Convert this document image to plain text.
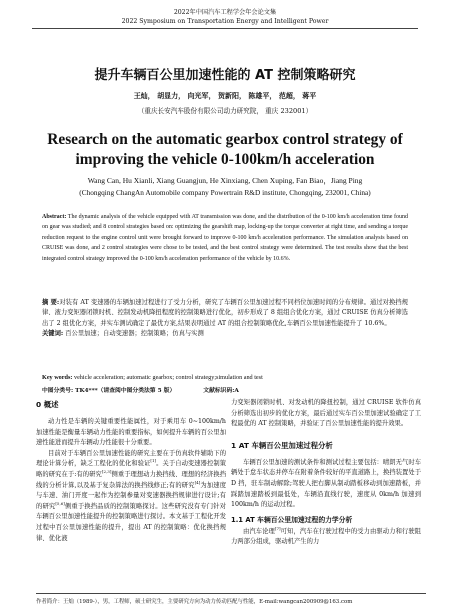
2022年中国汽车工程学会年会论文集
2022 Symposium on Transportation Energy and Intelligent Power
提升车辆百公里加速性能的 AT 控制策略研究
王灿， 胡显力， 向光军， 贺新阳， 陈雄平， 范超， 蒋平
（重庆长安汽车股份有限公司动力研究院， 重庆 232001）
Research on the automatic gearbox control strategy of improving the vehicle 0-100km/h acceleration
Wang Can, Hu Xianli, Xiang Guangjun, He Xinxiang, Chen Xuping, Fan Biao，Jiang Ping
(Chongqing ChangAn Automobile company Powertrain R&D institute, Chongqing, 232001, China)
Abstract: The dynamic analysis of the vehicle equipped with AT transmission was done, and the distribution of the 0-100 km/h acceleration time found on gear was studied; and 8 control strategies based on: optimizing the gearshift map, locking-up the torque converter at right time, and sending a torque reduction request to the engine control unit were brought forward to improve 0-100 km/h acceleration performance. The simulation analysis based on CRUISE was done, and 2 control strategies were chose to be tested, and the best control strategy were determined. The test results show that the best integrated control strategy improved the 0-100 km/h acceleration performance of the vehicle by 10.6%.
摘 要:对装有 AT 变速器的车辆加速过程进行了受力分析，研究了车辆百公里加速过程不同档位加速时间的分布规律。通过对换挡规律、液力变矩器闭锁时机、控制发动机降扭程度的控制策略进行优化，初步形成了 8 组组合优化方案，通过 CRUISE 仿真分析筛选出了 2 组优化方案，并实车测试确定了最优方案,结果表明通过 AT 的组合控制策略优化,车辆百公里加速性能提升了 10.6%。
关键词: 百公里加速；自动变速器；控制策略；仿真与实测
Key words: vehicle acceleration; automatic gearbox; control strategy;simulation and test
中图分类号: TK4***（请查阅中图分类法第 5 版）	文献标识码:A
0 概述

动力性是车辆的关键重要性能属性，对于乘用车 0~100km/h 加速性能是衡量车辆动力性能的重要指标，如何提升车辆的百公里加速性能进而提升车辆动力性能很十分重要。

目前对于车辆百公里加速性能的研究主要在于仿真软件辅助下的理论计算分析，缺乏工程化的优化和验证[1]。关于自动变速器控制策略的研究在于:有的研究[2,3]侧重于理想动力换挡线、理想的经济换挡线的分析计算,以及基于复杂算法的换挡线修正;有的研究[4]为加速度与车速、油门开度一起作为控制参量对变速器换挡规律进行设计;有的研究[5,6]侧重于换挡品质的控制策略探讨。这些研究没有专门针对车辆百公里加速性能提升的控制策略进行探讨。本文基于工程化开发过程中百公里加速性能的提升，提出 AT 的控制策略：优化换挡规律、优化液

力变矩器闭锁时机、对发动机的降扭控制，通过 CRUISE 软件仿真分析筛选出初步的优化方案，最后通过实车百公里加速试验确定了工程最优的 AT 控制策略，并验证了百公里加速性能的提升效果。

1 AT 车辆百公里加速过程分析

车辆百公里加速的测试条件和测试过程主要包括：晴朗无气时车辆处于怠车状态并停车在附着条件较好的平直道路上，换挡装置处于 D 挡，驻车制动解除;驾驶人把右脚从制动踏板移动到加速踏板，并踩踏加速踏板到最低处，车辆沿直线行驶，速度从 0km/h 加速到 100km/h 的运动过程。

1.1 AT 车辆百公里加速过程的力学分析

由汽车论理[7]可知，汽车在行驶过程中的受力由驱动力和行驶阻力两部分组成，驱动机产生的力

作者简介：王灿（1989-），男，工程师，硕士研究生，主要研究方向为动力传动匹配与性能，E-mail:wangcan200909@163.com
